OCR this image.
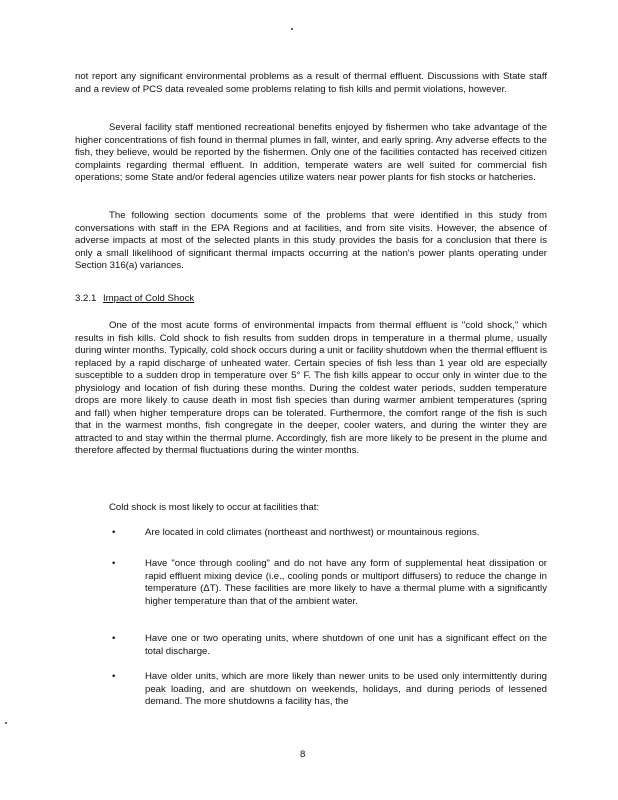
not report any significant environmental problems as a result of thermal effluent. Discussions with State staff and a review of PCS data revealed some problems relating to fish kills and permit violations, however.

Several facility staff mentioned recreational benefits enjoyed by fishermen who take advantage of the higher concentrations of fish found in thermal plumes in fall, winter, and early spring. Any adverse effects to the fish, they believe, would be reported by the fishermen. Only one of the facilities contacted has received citizen complaints regarding thermal effluent. In addition, temperate waters are well suited for commercial fish operations; some State and/or federal agencies utilize waters near power plants for fish stocks or hatcheries.

The following section documents some of the problems that were identified in this study from conversations with staff in the EPA Regions and at facilities, and from site visits. However, the absence of adverse impacts at most of the selected plants in this study provides the basis for a conclusion that there is only a small likelihood of significant thermal impacts occurring at the nation's power plants operating under Section 316(a) variances.

3.2.1 Impact of Cold Shock

One of the most acute forms of environmental impacts from thermal effluent is "cold shock," which results in fish kills. Cold shock to fish results from sudden drops in temperature in a thermal plume, usually during winter months. Typically, cold shock occurs during a unit or facility shutdown when the thermal effluent is replaced by a rapid discharge of unheated water. Certain species of fish less than 1 year old are especially susceptible to a sudden drop in temperature over 5° F. The fish kills appear to occur only in winter due to the physiology and location of fish during these months. During the coldest water periods, sudden temperature drops are more likely to cause death in most fish species than during warmer ambient temperatures (spring and fall) when higher temperature drops can be tolerated. Furthermore, the comfort range of the fish is such that in the warmest months, fish congregate in the deeper, cooler waters, and during the winter they are attracted to and stay within the thermal plume. Accordingly, fish are more likely to be present in the plume and therefore affected by thermal fluctuations during the winter months.

Cold shock is most likely to occur at facilities that:

•	Are located in cold climates (northeast and northwest) or mountainous regions.

•	Have "once through cooling" and do not have any form of supplemental heat dissipation or rapid effluent mixing device (i.e., cooling ponds or multiport diffusers) to reduce the change in temperature (ΔT). These facilities are more likely to have a thermal plume with a significantly higher temperature than that of the ambient water.

•	Have one or two operating units, where shutdown of one unit has a significant effect on the total discharge.

•	Have older units, which are more likely than newer units to be used only intermittently during peak loading, and are shutdown on weekends, holidays, and during periods of lessened demand. The more shutdowns a facility has, the

8
